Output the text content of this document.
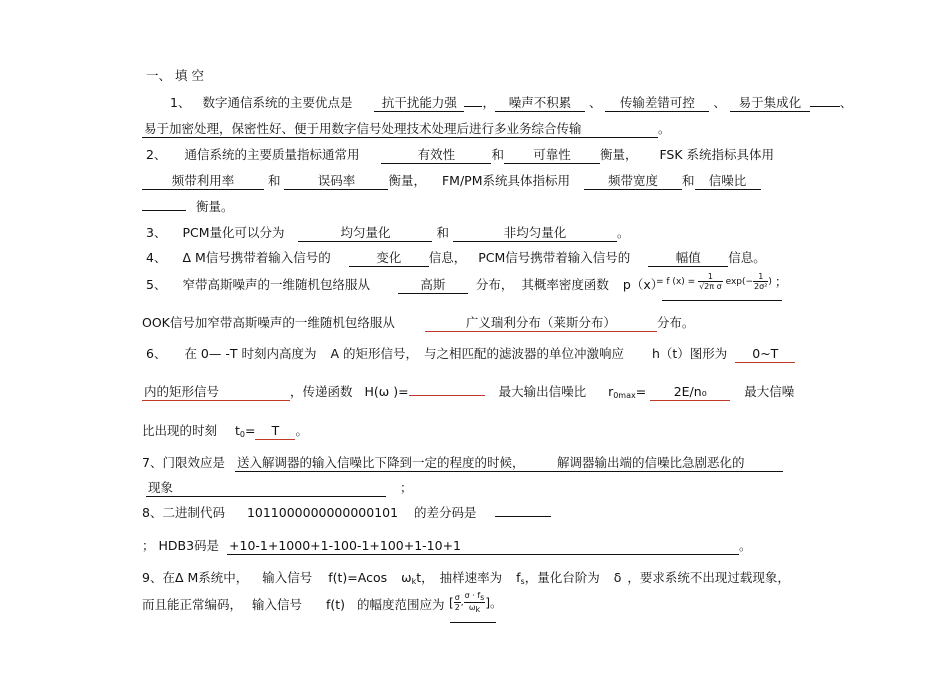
一、 填 空
1、 数字通信系统的主要优点是 抗干扰能力强 ， 噪声不积累 、 传输差错可控 、 易于集成化	、
易于加密处理，保密性好、便于用数字信号处理技术处理后进行多业务综合传输	。
2、 通信系统的主要质量指标通常用	有效性	和 可靠性 衡量， FSK 系统指标具体用
频带利用率	和	误码率	衡量， FM/PM系统具体指标用	频带宽度 和 信噪比
衡量。
3、 PCM量化可以分为	均匀量化	和	非均匀量化	。
4、 Δ M信号携带着输入信号的	变化 信息， PCM信号携带着输入信号的	幅值 信息。
5、 窄带高斯噪声的一维随机包络服从	高斯 分布， 其概率密度函数 p（x）
= f $(x) = \frac{1}{\text{√2π σ}} \exp(- \frac{1}{\text{2σ²}}$ ) ；
OOK信号加窄带高斯噪声的一维随机包络服从	广义瑞利分布（莱斯分布）	分布。
6、 在 0— -T 时刻内高度为 A 的矩形信号， 与之相匹配的滤波器的单位冲激响应 h（t）图形为 0~T
内的矩形信号	，传递函数 H(ω )=	最大输出信噪比 $r_{0max}= 2E/n_0$	最大信噪
比出现的时刻 $t_0= T$ 。
7、门限效应是 送入解调器的输入信噪比下降到一定的程度的时候，	解调器输出端的信噪比急剧恶化的
现象	；
8、二进制代码 1011000000000000101 的差分码是
； HDB3码是 +10-1+1000+1-100-1+100+1-10+1	。
9、在Δ M系统中， 输入信号 f(t)=Acos $\omega_kt$， 抽样速率为 $f_s$，量化台阶为 δ ，要求系统不出现过载现象，
而且能正常编码， 输入信号 f(t) 的幅度范围应为 [ $\frac{\sigma}{2}$ , $\frac{\sigma \cdot fs}{\omega k}$ ]。
